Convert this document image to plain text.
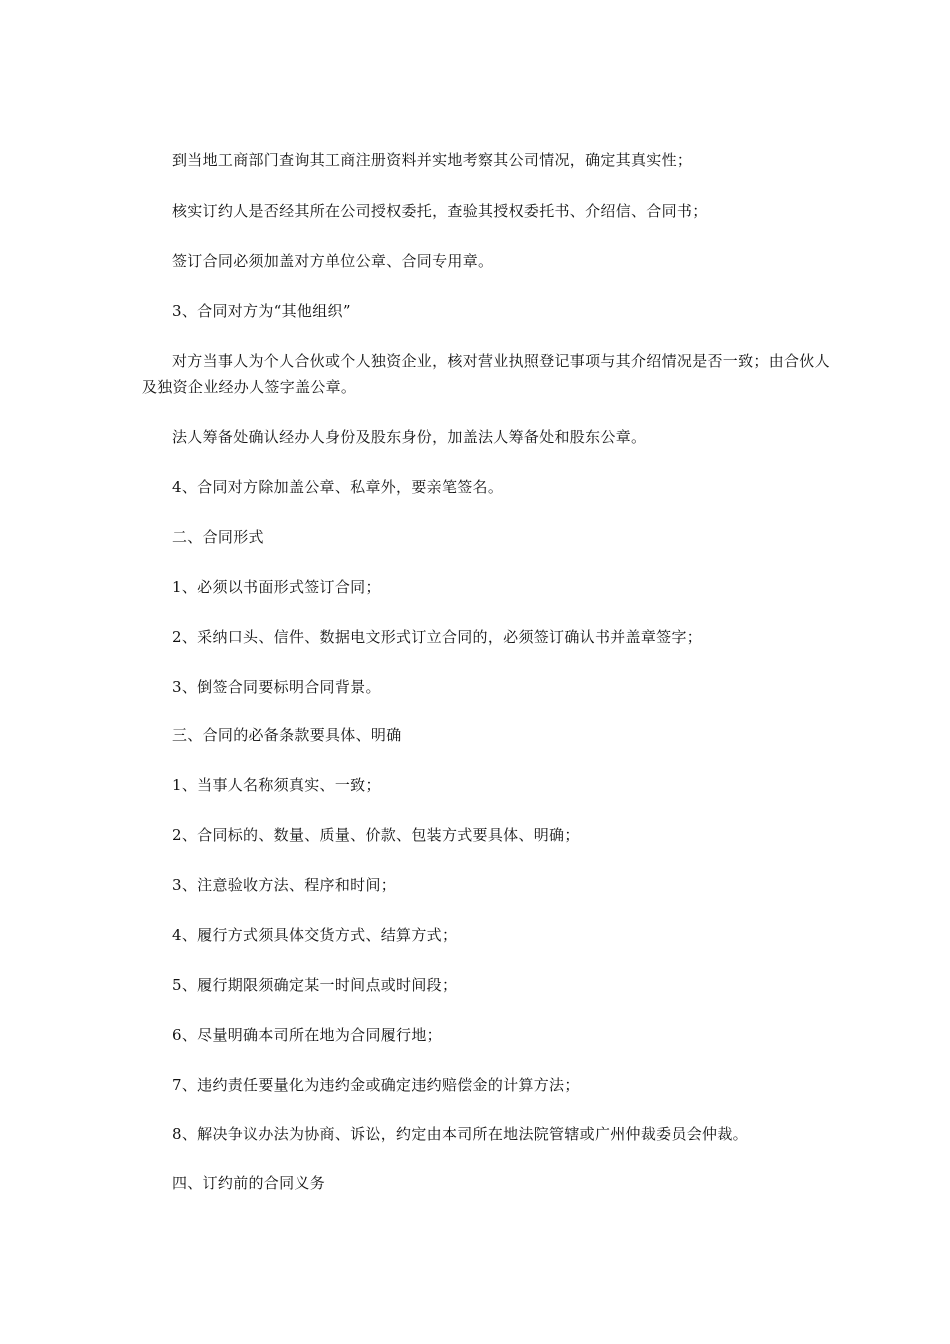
到当地工商部门查询其工商注册资料并实地考察其公司情况，确定其真实性；

核实订约人是否经其所在公司授权委托，查验其授权委托书、介绍信、合同书；

签订合同必须加盖对方单位公章、合同专用章。

3、合同对方为“其他组织”

对方当事人为个人合伙或个人独资企业，核对营业执照登记事项与其介绍情况是否一致；由合伙人及独资企业经办人签字盖公章。

法人筹备处确认经办人身份及股东身份，加盖法人筹备处和股东公章。

4、合同对方除加盖公章、私章外，要亲笔签名。

二、合同形式

1、必须以书面形式签订合同；

2、采纳口头、信件、数据电文形式订立合同的，必须签订确认书并盖章签字；

3、倒签合同要标明合同背景。

三、合同的必备条款要具体、明确

1、当事人名称须真实、一致；

2、合同标的、数量、质量、价款、包装方式要具体、明确；

3、注意验收方法、程序和时间；

4、履行方式须具体交货方式、结算方式；

5、履行期限须确定某一时间点或时间段；

6、尽量明确本司所在地为合同履行地；

7、违约责任要量化为违约金或确定违约赔偿金的计算方法；

8、解决争议办法为协商、诉讼，约定由本司所在地法院管辖或广州仲裁委员会仲裁。

四、订约前的合同义务
